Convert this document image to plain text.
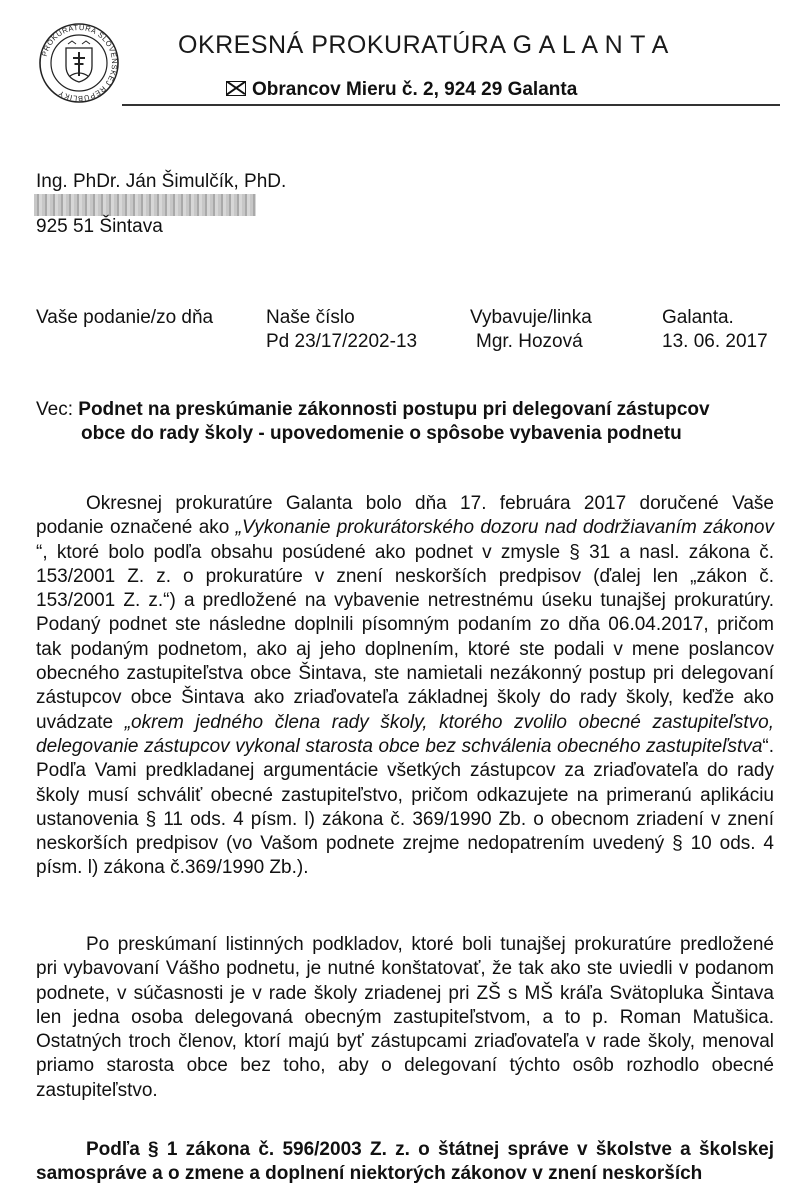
PROKURATÚRA SLOVENSKEJ REPUBLIKY
OKRESNÁ PROKURATÚRA G A L A N T A
Obrancov Mieru č. 2, 924 29 Galanta
Ing. PhDr. Ján Šimulčík, PhD.
925 51 Šintava
Vaše podanie/zo dňa	Naše číslo
Pd 23/17/2202-13
Vybavuje/linka
Mgr. Hozová
Galanta.
13. 06. 2017
Vec: Podnet na preskúmanie zákonnosti postupu pri delegovaní zástupcov
obce do rady školy - upovedomenie o spôsobe vybavenia podnetu
Okresnej prokuratúre Galanta bolo dňa 17. februára 2017 doručené Vaše podanie označené ako „Vykonanie prokurátorského dozoru nad dodržiavaním zákonov “, ktoré bolo podľa obsahu posúdené ako podnet v zmysle § 31 a nasl. zákona č. 153/2001 Z. z. o prokuratúre v znení neskorších predpisov (ďalej len „zákon č. 153/2001 Z. z.“) a predložené na vybavenie netrestnému úseku tunajšej prokuratúry. Podaný podnet ste následne doplnili písomným podaním zo dňa 06.04.2017, pričom tak podaným podnetom, ako aj jeho doplnením, ktoré ste podali v mene poslancov obecného zastupiteľstva obce Šintava, ste namietali nezákonný postup pri delegovaní zástupcov obce Šintava ako zriaďovateľa základnej školy do rady školy, keďže ako uvádzate „okrem jedného člena rady školy, ktorého zvolilo obecné zastupiteľstvo, delegovanie zástupcov vykonal starosta obce bez schválenia obecného zastupiteľstva“. Podľa Vami predkladanej argumentácie všetkých zástupcov za zriaďovateľa do rady školy musí schváliť obecné zastupiteľstvo, pričom odkazujete na primeranú aplikáciu ustanovenia § 11 ods. 4 písm. l) zákona č. 369/1990 Zb. o obecnom zriadení v znení neskorších predpisov (vo Vašom podnete zrejme nedopatrením uvedený § 10 ods. 4 písm. l) zákona č.369/1990 Zb.).
Po preskúmaní listinných podkladov, ktoré boli tunajšej prokuratúre predložené pri vybavovaní Vášho podnetu, je nutné konštatovať, že tak ako ste uviedli v podanom podnete, v súčasnosti je v rade školy zriadenej pri ZŠ s MŠ kráľa Svätopluka Šintava len jedna osoba delegovaná obecným zastupiteľstvom, a to p. Roman Matušica. Ostatných troch členov, ktorí majú byť zástupcami zriaďovateľa v rade školy, menoval priamo starosta obce bez toho, aby o delegovaní týchto osôb rozhodlo obecné zastupiteľstvo.
Podľa § 1 zákona č. 596/2003 Z. z. o štátnej správe v školstve a školskej samospráve a o zmene a doplnení niektorých zákonov v znení neskorších
